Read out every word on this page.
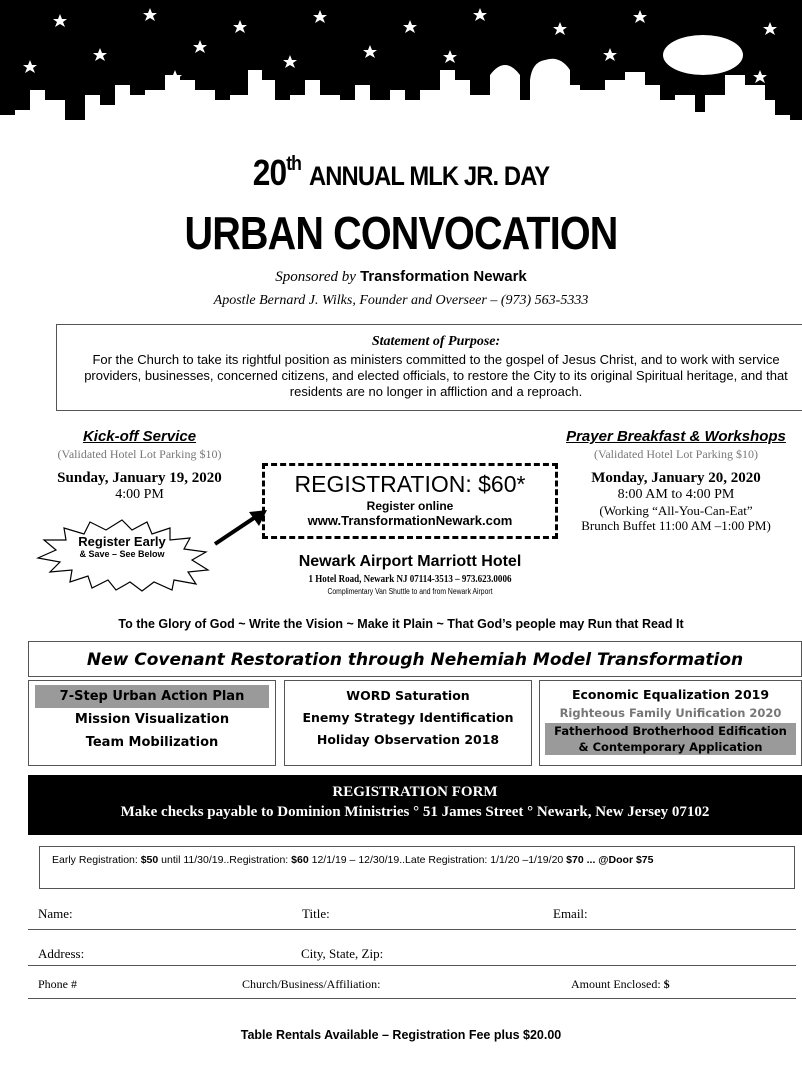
20th ANNUAL MLK JR. DAY
URBAN CONVOCATION
Sponsored by Transformation Newark
Apostle Bernard J. Wilks, Founder and Overseer – (973) 563-5333
Statement of Purpose:
For the Church to take its rightful position as ministers committed to the gospel of Jesus Christ, and to work with service providers, businesses, concerned citizens, and elected officials, to restore the City to its original Spiritual heritage, and that residents are no longer in affliction and a reproach.
Kick-off Service
(Validated Hotel Lot Parking $10)
Sunday, January 19, 2020
4:00 PM
Prayer Breakfast & Workshops
(Validated Hotel Lot Parking $10)
Monday, January 20, 2020
8:00 AM to 4:00 PM
(Working “All-You-Can-Eat”
Brunch Buffet 11:00 AM –1:00 PM)
Register Early
& Save – See Below
REGISTRATION: $60*
Register online
www.TransformationNewark.com
Newark Airport Marriott Hotel
1 Hotel Road, Newark NJ 07114-3513 – 973.623.0006
Complimentary Van Shuttle to and from Newark Airport
To the Glory of God ~ Write the Vision ~ Make it Plain ~ That God’s people may Run that Read It
New Covenant Restoration through Nehemiah Model Transformation
7-Step Urban Action Plan
Mission Visualization
Team Mobilization
WORD Saturation
Enemy Strategy Identification
Holiday Observation 2018
Economic Equalization 2019
Righteous Family Unification 2020
Fatherhood Brotherhood Edification
& Contemporary Application
REGISTRATION FORM
Make checks payable to Dominion Ministries ° 51 James Street ° Newark, New Jersey 07102
Early Registration: $50 until 11/30/19..Registration: $60 12/1/19 – 12/30/19..Late Registration: 1/1/20 –1/19/20 $70 ... @Door $75
Name:	Title:	Email:
Address:	City, State, Zip:
Phone #	Church/Business/Affiliation:	Amount Enclosed: $
Table Rentals Available – Registration Fee plus $20.00
